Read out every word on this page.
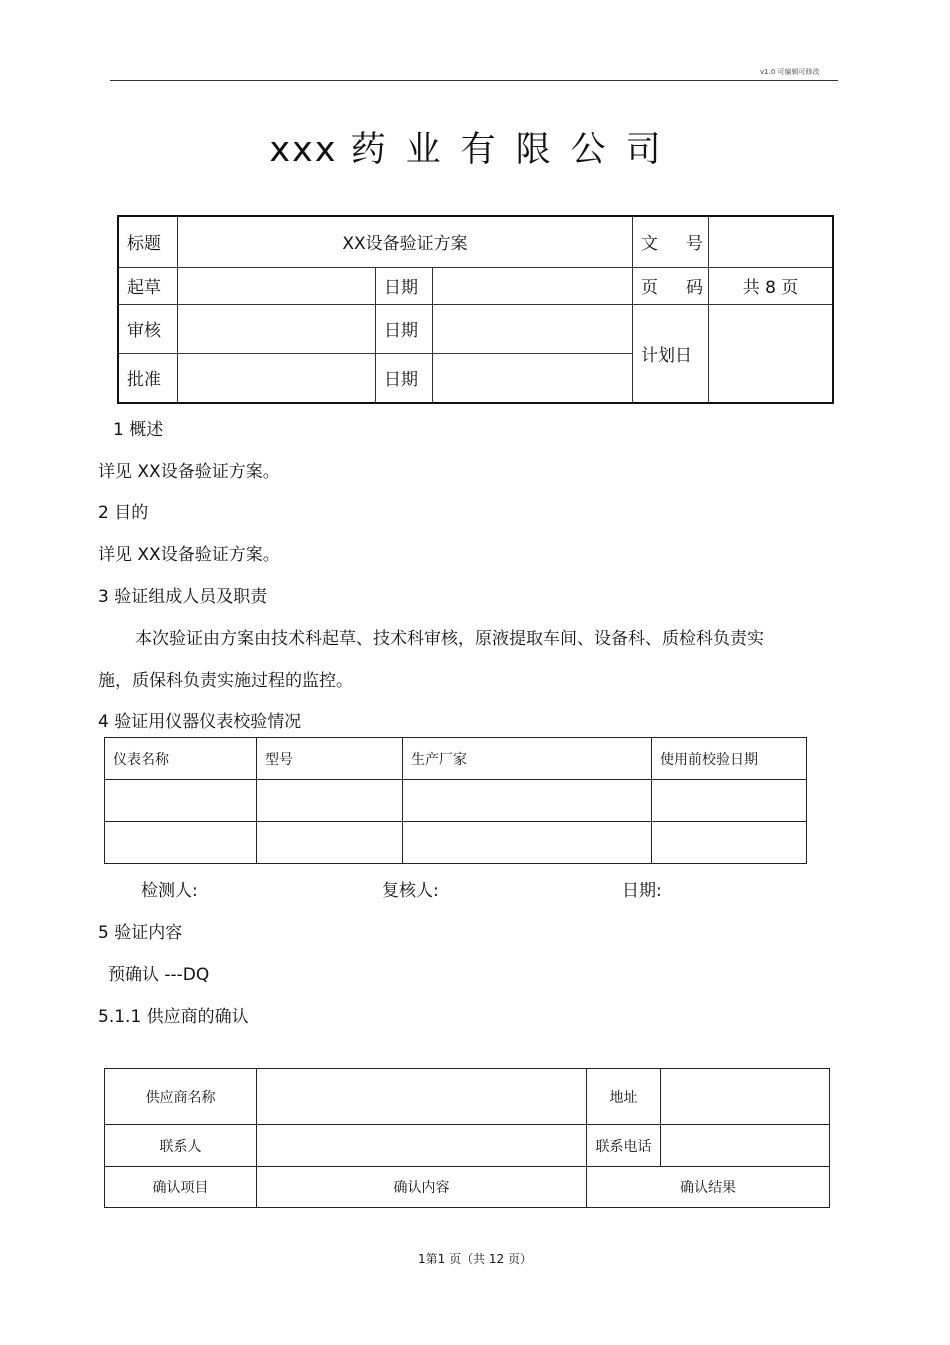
v1.0 可编辑可修改
xxx 药业有限公司
标题	XX设备验证方案			文 号	
起草		日期		页 码	共 8 页
审核		日期		计划日	
批准		日期			
1 概述
详见 XX设备验证方案。
2 目的
详见 XX设备验证方案。
3 验证组成人员及职责
本次验证由方案由技术科起草、技术科审核，原液提取车间、设备科、质检科负责实
施，质保科负责实施过程的监控。
4 验证用仪器仪表校验情况
仪表名称	型号	生产厂家	使用前校验日期

检测人:	复核人:	日期:
5 验证内容
预确认 ---DQ
5.1.1 供应商的确认
供应商名称		地址	
联系人		联系电话	
确认项目	确认内容	确认结果	
1第1 页（共 12 页）
